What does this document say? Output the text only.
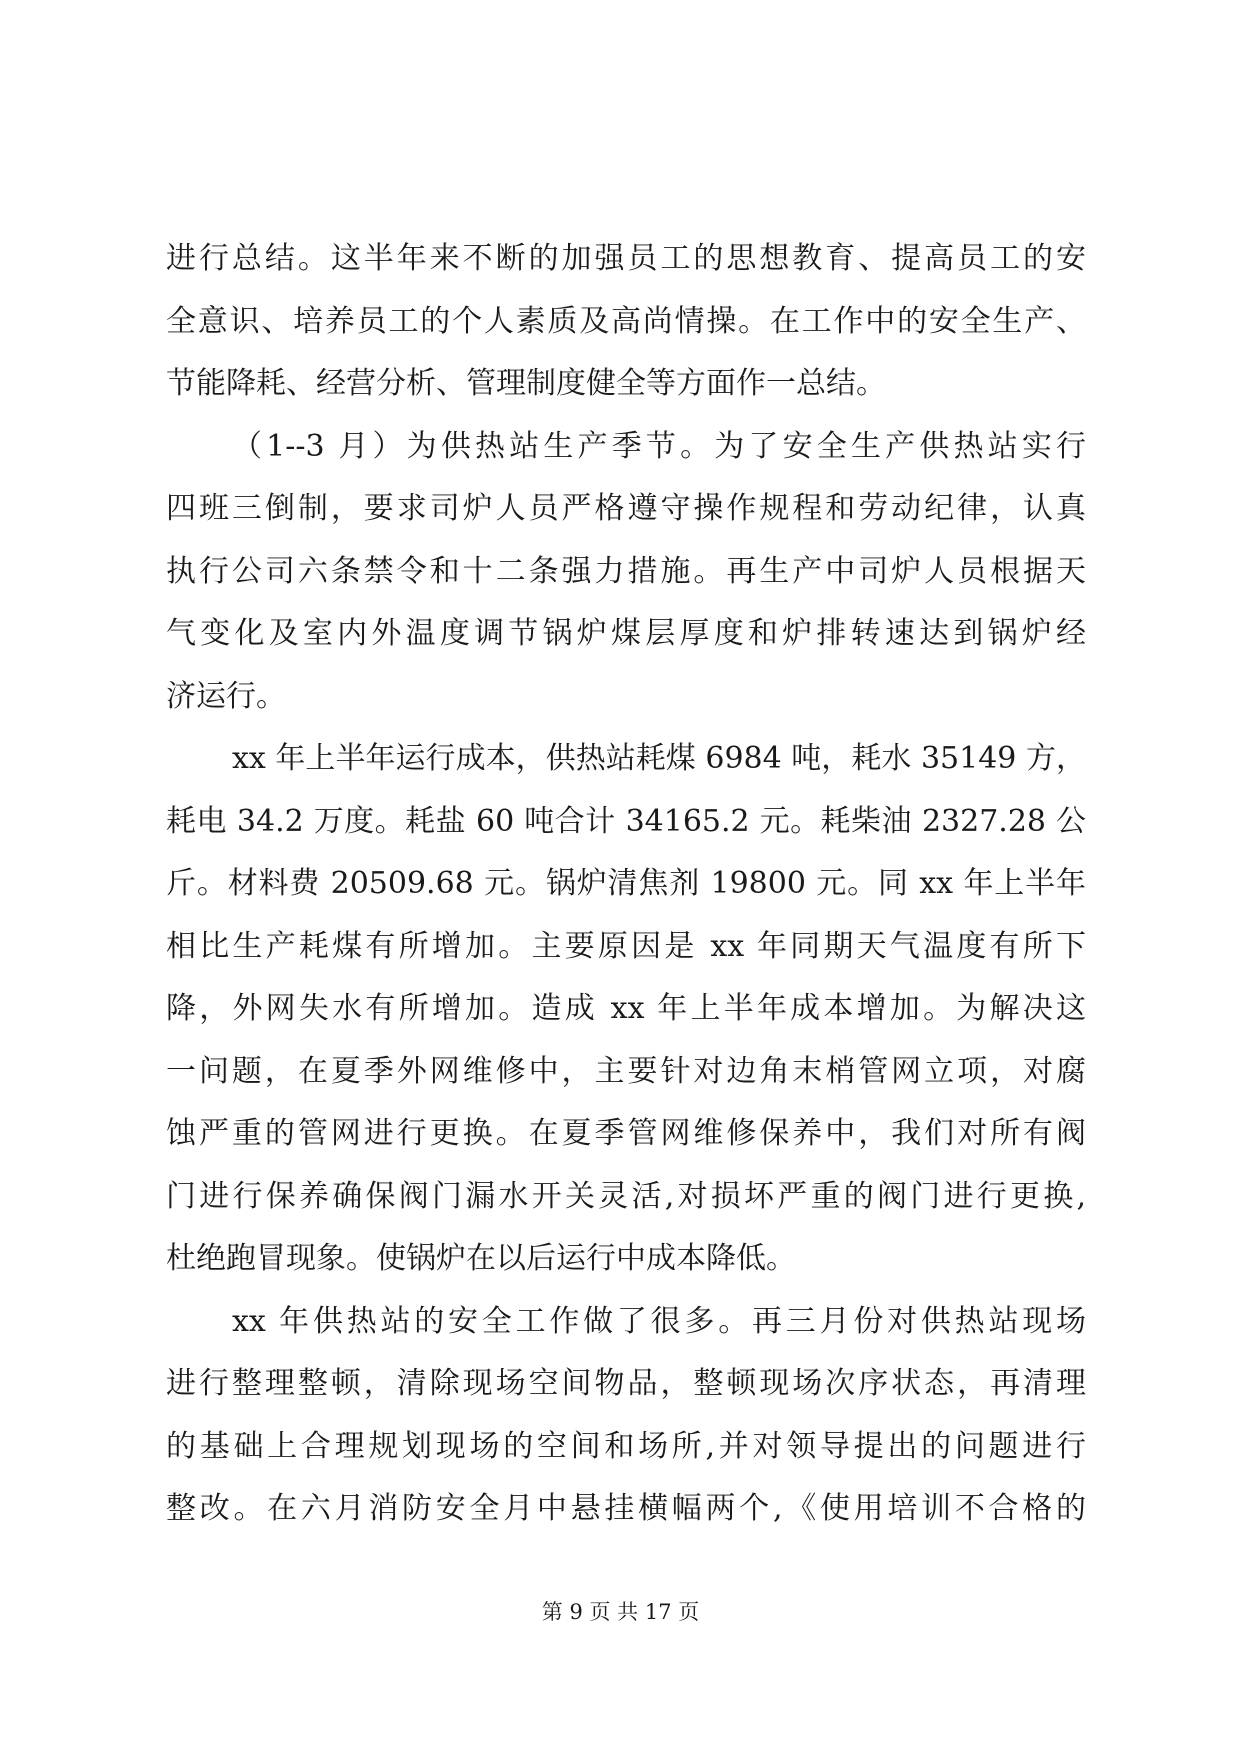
进行总结。这半年来不断的加强员工的思想教育、提高员工的安
全意识、培养员工的个人素质及高尚情操。在工作中的安全生产、
节能降耗、经营分析、管理制度健全等方面作一总结。
（1--3 月）为供热站生产季节。为了安全生产供热站实行
四班三倒制，要求司炉人员严格遵守操作规程和劳动纪律，认真
执行公司六条禁令和十二条强力措施。再生产中司炉人员根据天
气变化及室内外温度调节锅炉煤层厚度和炉排转速达到锅炉经
济运行。
xx 年上半年运行成本，供热站耗煤 6984 吨，耗水 35149 方，
耗电 34.2 万度。耗盐 60 吨合计 34165.2 元。耗柴油 2327.28 公
斤。材料费 20509.68 元。锅炉清焦剂 19800 元。同 xx 年上半年
相比生产耗煤有所增加。主要原因是 xx 年同期天气温度有所下
降，外网失水有所增加。造成 xx 年上半年成本增加。为解决这
一问题，在夏季外网维修中，主要针对边角末梢管网立项，对腐
蚀严重的管网进行更换。在夏季管网维修保养中，我们对所有阀
门进行保养确保阀门漏水开关灵活,对损坏严重的阀门进行更换,
杜绝跑冒现象。使锅炉在以后运行中成本降低。
xx 年供热站的安全工作做了很多。再三月份对供热站现场
进行整理整顿，清除现场空间物品，整顿现场次序状态，再清理
的基础上合理规划现场的空间和场所,并对领导提出的问题进行
整改。在六月消防安全月中悬挂横幅两个,《使用培训不合格的
第 9 页 共 17 页
